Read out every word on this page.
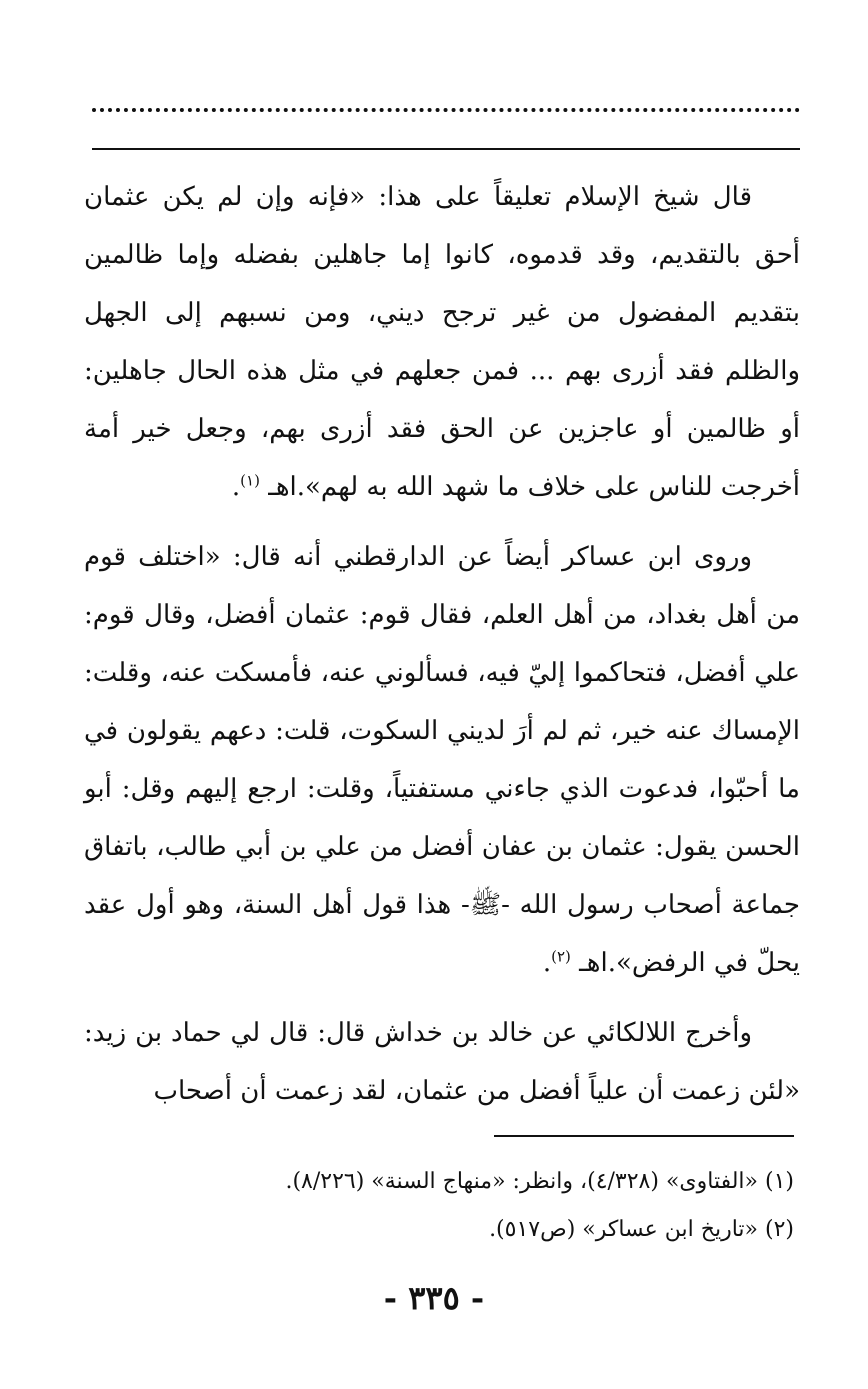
قال شيخ الإسلام تعليقاً على هذا: «فإنه وإن لم يكن عثمان أحق بالتقديم، وقد قدموه، كانوا إما جاهلين بفضله وإما ظالمين بتقديم المفضول من غير ترجح ديني، ومن نسبهم إلى الجهل والظلم فقد أزرى بهم ... فمن جعلهم في مثل هذه الحال جاهلين: أو ظالمين أو عاجزين عن الحق فقد أزرى بهم، وجعل خير أمة أخرجت للناس على خلاف ما شهد الله به لهم».اهـ $^{(١)}$.

وروى ابن عساكر أيضاً عن الدارقطني أنه قال: «اختلف قوم من أهل بغداد، من أهل العلم، فقال قوم: عثمان أفضل، وقال قوم: علي أفضل، فتحاكموا إليّ فيه، فسألوني عنه، فأمسكت عنه، وقلت: الإمساك عنه خير، ثم لم أرَ لديني السكوت، قلت: دعهم يقولون في ما أحبّوا، فدعوت الذي جاءني مستفتياً، وقلت: ارجع إليهم وقل: أبو الحسن يقول: عثمان بن عفان أفضل من علي بن أبي طالب، باتفاق جماعة أصحاب رسول الله -ﷺ- هذا قول أهل السنة، وهو أول عقد يحلّ في الرفض».اهـ $^{(٢)}$.

وأخرج اللالكائي عن خالد بن خداش قال: قال لي حماد بن زيد: «لئن زعمت أن علياً أفضل من عثمان، لقد زعمت أن أصحاب

(١) «الفتاوى» (٤/٣٢٨)، وانظر: «منهاج السنة» (٨/٢٢٦).

(٢) «تاريخ ابن عساكر» (ص٥١٧).

- ٣٣٥ -
